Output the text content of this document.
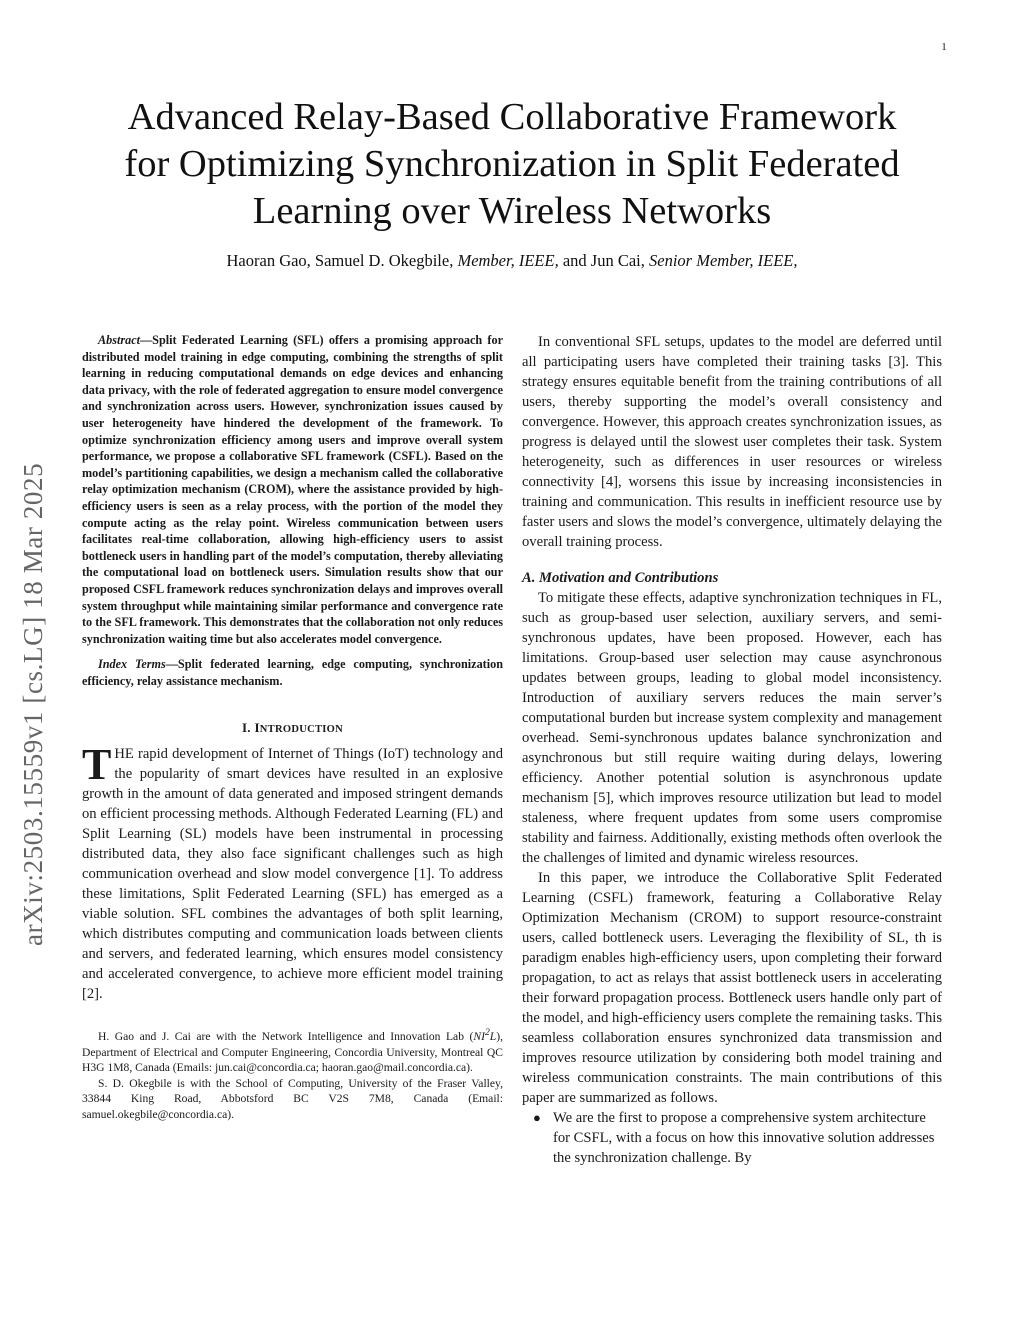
1
arXiv:2503.15559v1 [cs.LG] 18 Mar 2025
Advanced Relay-Based Collaborative Framework
for Optimizing Synchronization in Split Federated
Learning over Wireless Networks
Haoran Gao, Samuel D. Okegbile, Member, IEEE, and Jun Cai, Senior Member, IEEE,

Abstract—Split Federated Learning (SFL) offers a promising approach for distributed model training in edge computing, combining the strengths of split learning in reducing computational demands on edge devices and enhancing data privacy, with the role of federated aggregation to ensure model convergence and synchronization across users. However, synchronization issues caused by user heterogeneity have hindered the development of the framework. To optimize synchronization efficiency among users and improve overall system performance, we propose a collaborative SFL framework (CSFL). Based on the model’s partitioning capabilities, we design a mechanism called the collaborative relay optimization mechanism (CROM), where the assistance provided by high-efficiency users is seen as a relay process, with the portion of the model they compute acting as the relay point. Wireless communication between users facilitates real-time collaboration, allowing high-efficiency users to assist bottleneck users in handling part of the model’s computation, thereby alleviating the computational load on bottleneck users. Simulation results show that our proposed CSFL framework reduces synchronization delays and improves overall system throughput while maintaining similar performance and convergence rate to the SFL framework. This demonstrates that the collaboration not only reduces synchronization waiting time but also accelerates model convergence.

Index Terms—Split federated learning, edge computing, synchronization efficiency, relay assistance mechanism.

I. INTRODUCTION

THE rapid development of Internet of Things (IoT) technology and the popularity of smart devices have resulted in an explosive growth in the amount of data generated and imposed stringent demands on efficient processing methods. Although Federated Learning (FL) and Split Learning (SL) models have been instrumental in processing distributed data, they also face significant challenges such as high communication overhead and slow model convergence [1]. To address these limitations, Split Federated Learning (SFL) has emerged as a viable solution. SFL combines the advantages of both split learning, which distributes computing and communication loads between clients and servers, and federated learning, which ensures model consistency and accelerated convergence, to achieve more efficient model training [2].

H. Gao and J. Cai are with the Network Intelligence and Innovation Lab $(NI^2L)$, Department of Electrical and Computer Engineering, Concordia University, Montreal QC H3G 1M8, Canada (Emails: jun.cai@concordia.ca; haoran.gao@mail.concordia.ca).

S. D. Okegbile is with the School of Computing, University of the Fraser Valley, 33844 King Road, Abbotsford BC V2S 7M8, Canada (Email: samuel.okegbile@concordia.ca).

In conventional SFL setups, updates to the model are deferred until all participating users have completed their training tasks [3]. This strategy ensures equitable benefit from the training contributions of all users, thereby supporting the model’s overall consistency and convergence. However, this approach creates synchronization issues, as progress is delayed until the slowest user completes their task. System heterogeneity, such as differences in user resources or wireless connectivity [4], worsens this issue by increasing inconsistencies in training and communication. This results in inefficient resource use by faster users and slows the model’s convergence, ultimately delaying the overall training process.

A. Motivation and Contributions

To mitigate these effects, adaptive synchronization techniques in FL, such as group-based user selection, auxiliary servers, and semi-synchronous updates, have been proposed. However, each has limitations. Group-based user selection may cause asynchronous updates between groups, leading to global model inconsistency. Introduction of auxiliary servers reduces the main server’s computational burden but increase system complexity and management overhead. Semi-synchronous updates balance synchronization and asynchronous but still require waiting during delays, lowering efficiency. Another potential solution is asynchronous update mechanism [5], which improves resource utilization but lead to model staleness, where frequent updates from some users compromise stability and fairness. Additionally, existing methods often overlook the the challenges of limited and dynamic wireless resources.

In this paper, we introduce the Collaborative Split Federated Learning (CSFL) framework, featuring a Collaborative Relay Optimization Mechanism (CROM) to support resource-constraint users, called bottleneck users. Leveraging the flexibility of SL, th is paradigm enables high-efficiency users, upon completing their forward propagation, to act as relays that assist bottleneck users in accelerating their forward propagation process. Bottleneck users handle only part of the model, and high-efficiency users complete the remaining tasks. This seamless collaboration ensures synchronized data transmission and improves resource utilization by considering both model training and wireless communication constraints. The main contributions of this paper are summarized as follows.

● We are the first to propose a comprehensive system architecture for CSFL, with a focus on how this innovative solution addresses the synchronization challenge. By
